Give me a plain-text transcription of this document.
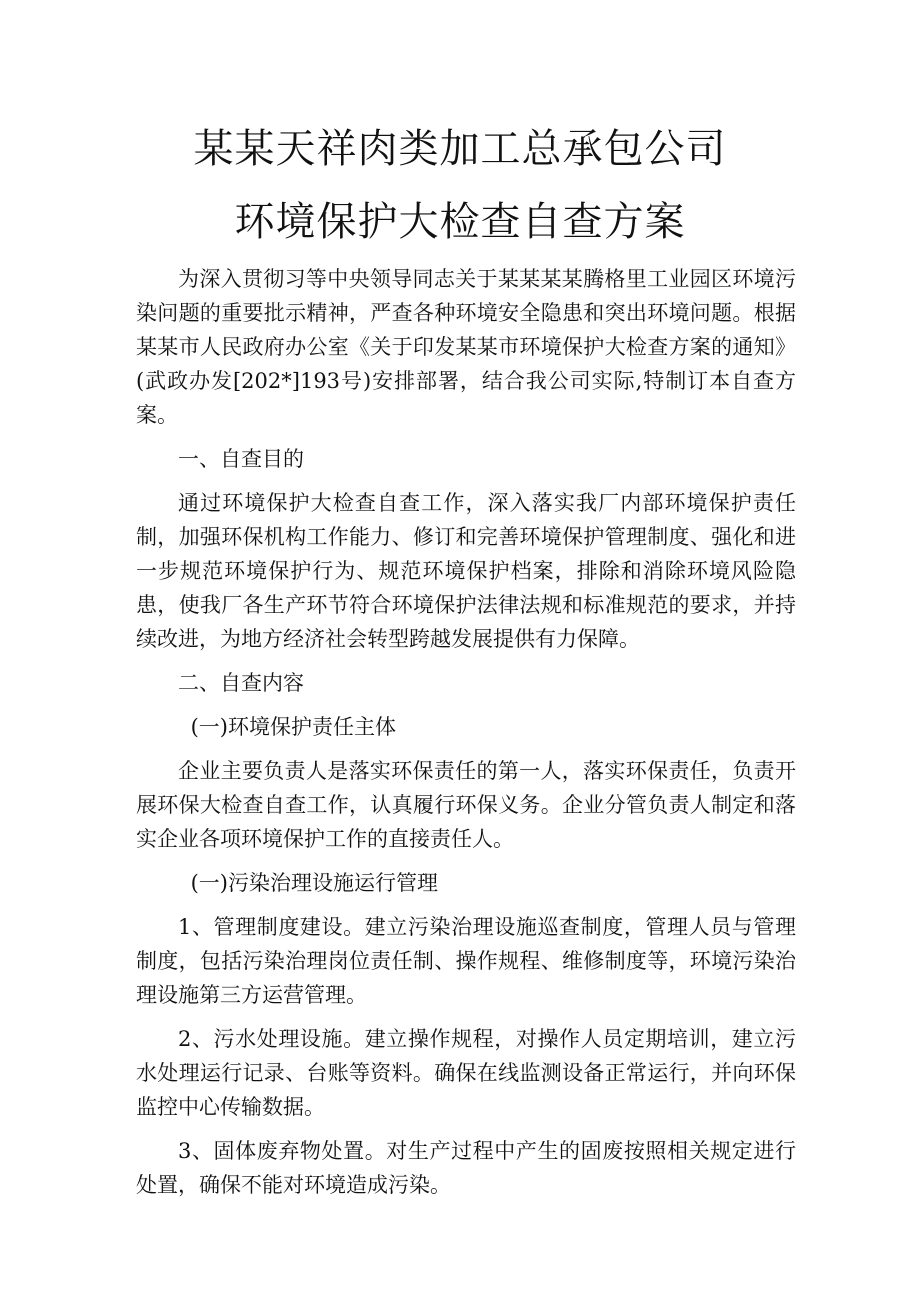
某某天祥肉类加工总承包公司
环境保护大检查自查方案

为深入贯彻习等中央领导同志关于某某某某腾格里工业园区环境污染问题的重要批示精神，严查各种环境安全隐患和突出环境问题。根据某某市人民政府办公室《关于印发某某市环境保护大检查方案的通知》(武政办发[202*]193号)安排部署，结合我公司实际,特制订本自查方案。

一、自查目的

通过环境保护大检查自查工作，深入落实我厂内部环境保护责任制，加强环保机构工作能力、修订和完善环境保护管理制度、强化和进一步规范环境保护行为、规范环境保护档案，排除和消除环境风险隐患，使我厂各生产环节符合环境保护法律法规和标准规范的要求，并持续改进，为地方经济社会转型跨越发展提供有力保障。

二、自查内容

(一)环境保护责任主体

企业主要负责人是落实环保责任的第一人，落实环保责任，负责开展环保大检查自查工作，认真履行环保义务。企业分管负责人制定和落实企业各项环境保护工作的直接责任人。

(一)污染治理设施运行管理

1、管理制度建设。建立污染治理设施巡查制度，管理人员与管理制度，包括污染治理岗位责任制、操作规程、维修制度等，环境污染治理设施第三方运营管理。

2、污水处理设施。建立操作规程，对操作人员定期培训，建立污水处理运行记录、台账等资料。确保在线监测设备正常运行，并向环保监控中心传输数据。

3、固体废弃物处置。对生产过程中产生的固废按照相关规定进行处置，确保不能对环境造成污染。
